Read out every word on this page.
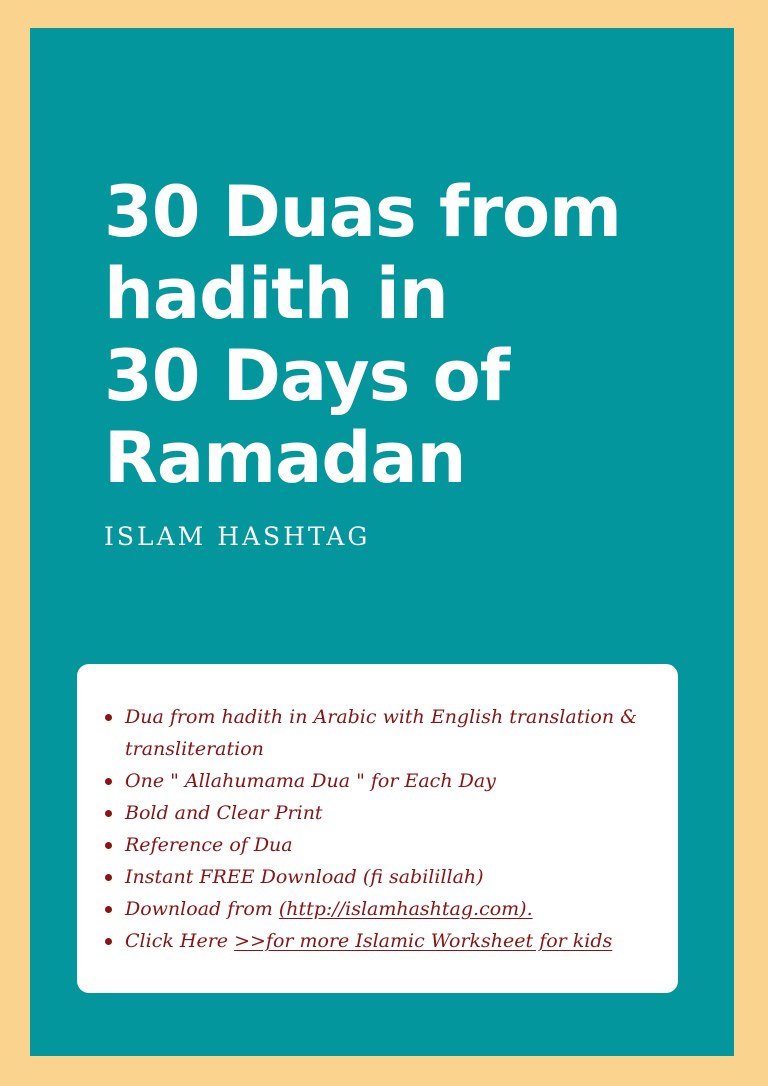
30 Duas from
hadith in
30 Days of
Ramadan
ISLAM HASHTAG
Dua from hadith in Arabic with English translation & transliteration
One " Allahumama Dua " for Each Day
Bold and Clear Print
Reference of Dua
Instant FREE Download (fi sabilillah)
Download from (http://islamhashtag.com).
Click Here >>for more Islamic Worksheet for kids
